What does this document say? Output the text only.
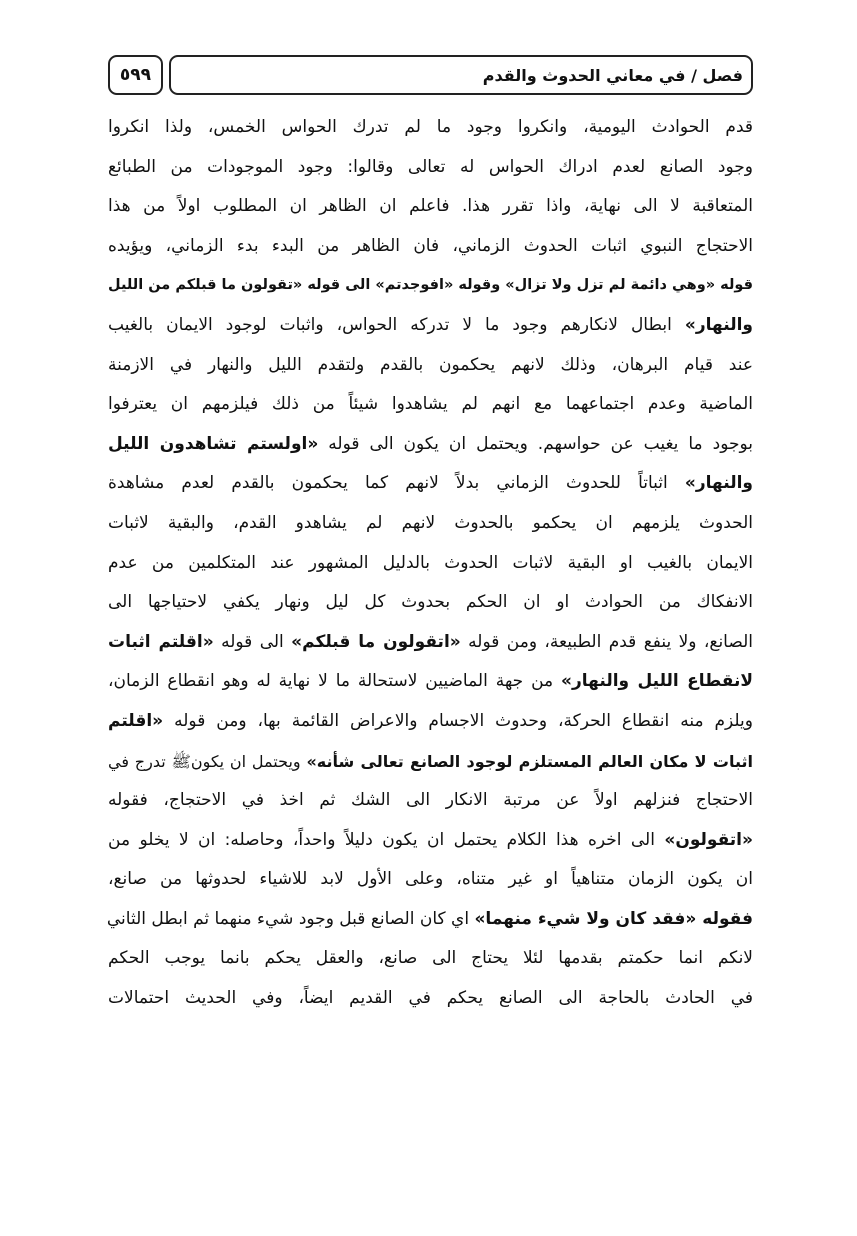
٥٩٩	فصل / في معاني الحدوث والقدم
قدم الحوادث اليومية، وانكروا وجود ما لم تدرك الحواس الخمس، ولذا انكروا
وجود الصانع لعدم ادراك الحواس له تعالى وقالوا: وجود الموجودات من الطبائع
المتعاقبة لا الى نهاية، واذا تقرر هذا. فاعلم ان الظاهر ان المطلوب اولاً من هذا
الاحتجاج النبوي اثبات الحدوث الزماني، فان الظاهر من البدء بدء الزماني، ويؤيده
قوله «وهي دائمة لم تزل ولا تزال» وقوله «افوجدتم» الى قوله «تقولون ما قبلكم من الليل
والنهار» ابطال لانكارهم وجود ما لا تدركه الحواس، واثبات لوجود الايمان بالغيب
عند قيام البرهان، وذلك لانهم يحكمون بالقدم ولتقدم الليل والنهار في الازمنة
الماضية وعدم اجتماعهما مع انهم لم يشاهدوا شيئاً من ذلك فيلزمهم ان يعترفوا
بوجود ما يغيب عن حواسهم. ويحتمل ان يكون الى قوله «اولستم تشاهدون الليل
والنهار» اثباتاً للحدوث الزماني بدلاً لانهم كما يحكمون بالقدم لعدم مشاهدة
الحدوث يلزمهم ان يحكمو بالحدوث لانهم لم يشاهدو القدم، والبقية لاثبات
الايمان بالغيب او البقية لاثبات الحدوث بالدليل المشهور عند المتكلمين من عدم
الانفكاك من الحوادث او ان الحكم بحدوث كل ليل ونهار يكفي لاحتياجها الى
الصانع، ولا ينفع قدم الطبيعة، ومن قوله «اتقولون ما قبلكم» الى قوله «اقلتم اثبات
لانقطاع الليل والنهار» من جهة الماضيين لاستحالة ما لا نهاية له وهو انقطاع الزمان،
ويلزم منه انقطاع الحركة، وحدوث الاجسام والاعراض القائمة بها، ومن قوله «اقلتم
اثبات لا مكان العالم المستلزم لوجود الصانع تعالى شأنه» ويحتمل ان يكونﷺ تدرج في
الاحتجاج فنزلهم اولاً عن مرتبة الانكار الى الشك ثم اخذ في الاحتجاج، فقوله
«اتقولون» الى اخره هذا الكلام يحتمل ان يكون دليلاً واحداً، وحاصله: ان لا يخلو من
ان يكون الزمان متناهياً او غير متناه، وعلى الأول لابد للاشياء لحدوثها من صانع،
فقوله «فقد كان ولا شيء منهما» اي كان الصانع قبل وجود شيء منهما ثم ابطل الثاني
لانكم انما حكمتم بقدمها لئلا يحتاج الى صانع، والعقل يحكم بانما يوجب الحكم
في الحادث بالحاجة الى الصانع يحكم في القديم ايضاً، وفي الحديث احتمالات
